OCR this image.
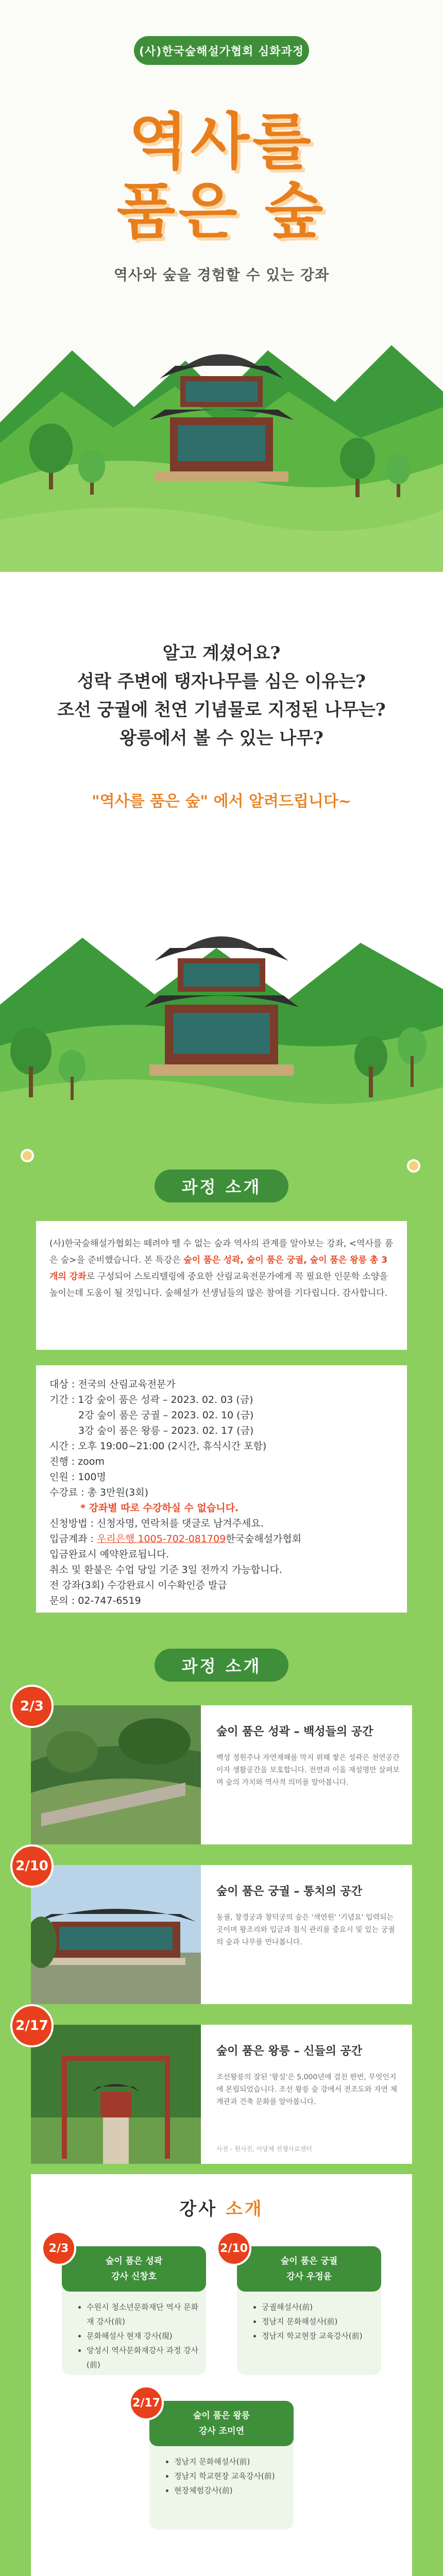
(사)한국숲해설가협회 심화과정
역사를
품은 숲
역사와 숲을 경험할 수 있는 강좌
알고 계셨어요?
성락 주변에 탱자나무를 심은 이유는?
조선 궁궐에 천연 기념물로 지정된 나무는?
왕릉에서 볼 수 있는 나무?
"역사를 품은 숲" 에서 알려드립니다~
과정 소개

(사)한국숲해설가협회는 떼려야 뗄 수 없는 숲과 역사의 관계를 알아보는 강좌, <역사를 품은 숲>을 준비했습니다. 본 특강은 숲이 품은 성곽, 숲이 품은 궁궐, 숲이 품은 왕릉 총 3개의 강좌로 구성되어 스토리텔링에 중요한 산림교육전문가에게 꼭 필요한 인문학 소양을 높이는데 도움이 될 것입니다. 숲해설가 선생님들의 많은 참여를 기다립니다. 감사합니다.

대상 : 전국의 산림교육전문가
기간 : 1강 숲이 품은 성곽 – 2023. 02. 03 (금)
2강 숲이 품은 궁궐 – 2023. 02. 10 (금)
3강 숲이 품은 왕릉 – 2023. 02. 17 (금)
시간 : 오후 19:00~21:00 (2시간, 휴식시간 포함)
진행 : zoom
인원 : 100명
수강료 : 총 3만원(3회)
* 강좌별 따로 수강하실 수 없습니다.
신청방법 : 신청자명, 연락처를 댓글로 남겨주세요.
입금계좌 : 우리은행 1005-702-081709한국숲해설가협회
입금완료시 예약완료됩니다.
취소 및 환불은 수업 당일 기준 3일 전까지 가능합니다.
전 강좌(3회) 수강완료시 이수확인증 발급
문의 : 02-747-6519
과정 소개
숲이 품은 성곽 – 백성들의 공간
백성 정원주나 자연재해를 막지 위해 쌓은 성곽은 천연공간이자 생활공간을 보호합니다. 전연과 이을 재설명만 살펴보며 숲의 가치와 역사적 의미를 알아봅니다.
2/3
숲이 품은 궁궐 – 통치의 공간
동궐, 창경궁과 창덕궁의 숲은 '색연원' '기념요' 입력되는 곳이며 왕조리와 입금과 침식 관리를 중요시 및 있는 궁궐의 숲과 나무를 만나봅니다.
2/10
숲이 품은 왕릉 – 신들의 공간
조선왕릉의 잘된 '왕설'은 5,000년에 걸친 한번, 무엇인지에 본립되었습니다. 조선 왕릉 숲 강에서 전조도와 자연 체계관과 건축 문화를 알아봅니다.
사진 - 원사진, 이당제 전쟁사료센터
2/17
강사 소개
숲이 품은 성곽
강사 신창호
• 수원시 청소년문화재단 역사 문화재 강사(前)
• 문화해설사 현재 강사(現)
• 앙성시 역사문화재강사 과정 강사(前)
2/3
숲이 품은 궁궐
강사 우정윤
• 궁궐해설사(前)
• 정남지 문화해설사(前)
• 정남지 학교현장 교육강사(前)
2/10
숲이 품은 왕릉
강사 조미연
• 정남지 문화해설사(前)
• 정남지 학교현장 교육강사(前)
• 현장체험강사(前)
2/17
